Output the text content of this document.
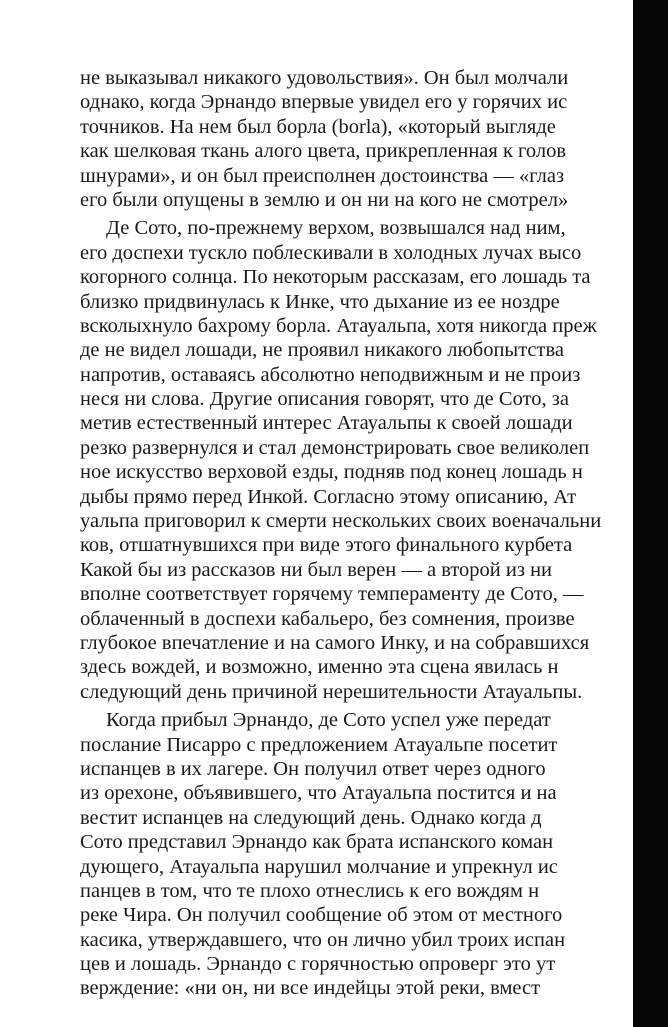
не выказывал никакого удовольствия». Он был молчали
однако, когда Эрнандо впервые увидел его у горячих ис
точников. На нем был борла (borla), «который выгляде
как шелковая ткань алого цвета, прикрепленная к голов
шнурами», и он был преисполнен достоинства — «глаз
его были опущены в землю и он ни на кого не смотрел»
Де Сото, по-прежнему верхом, возвышался над ним,
его доспехи тускло поблескивали в холодных лучах высо
когорного солнца. По некоторым рассказам, его лошадь та
близко придвинулась к Инке, что дыхание из ее ноздре
всколыхнуло бахрому борла. Атауальпа, хотя никогда преж
де не видел лошади, не проявил никакого любопытства
напротив, оставаясь абсолютно неподвижным и не произ
неся ни слова. Другие описания говорят, что де Сото, за
метив естественный интерес Атауальпы к своей лошади
резко развернулся и стал демонстрировать свое великолеп
ное искусство верховой езды, подняв под конец лошадь н
дыбы прямо перед Инкой. Согласно этому описанию, Ат
уальпа приговорил к смерти нескольких своих военачальни
ков, отшатнувшихся при виде этого финального курбета
Какой бы из рассказов ни был верен — а второй из ни
вполне соответствует горячему темпераменту де Сото, —
облаченный в доспехи кабальеро, без сомнения, произве
глубокое впечатление и на самого Инку, и на собравшихся
здесь вождей, и возможно, именно эта сцена явилась н
следующий день причиной нерешительности Атауальпы.
Когда прибыл Эрнандо, де Сото успел уже передат
послание Писарро с предложением Атауальпе посетит
испанцев в их лагере. Он получил ответ через одного
из орехоне, объявившего, что Атауальпа постится и на
вестит испанцев на следующий день. Однако когда д
Сото представил Эрнандо как брата испанского коман
дующего, Атауальпа нарушил молчание и упрекнул ис
панцев в том, что те плохо отнеслись к его вождям н
реке Чира. Он получил сообщение об этом от местного
касика, утверждавшего, что он лично убил троих испан
цев и лошадь. Эрнандо с горячностью опроверг это ут
верждение: «ни он, ни все индейцы этой реки, вмест
